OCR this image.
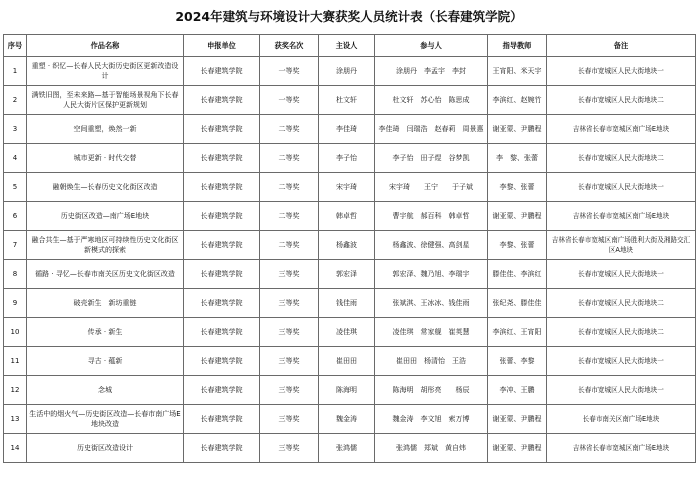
2024年建筑与环境设计大赛获奖人员统计表（长春建筑学院）
序号	作品名称	申报单位	获奖名次	主设人	参与人	指导教师	备注
1	重塑 · 织忆—长春人民大街历史街区更新改造设计	长春建筑学院	一等奖	涂朋丹	涂朋丹　李孟宇　李封	王宵阳、米天宇	长春市宽城区人民大街地块一
2	满铁旧图，至未来路—基于智能场景视角下长春人民大街片区保护更新规划	长春建筑学院	一等奖	杜文轩	杜文轩　苏心怡　陈思成	李滨红、赵婉竹	长春市宽城区人民大街地块二
3	空间重塑，焕然一新	长春建筑学院	二等奖	李佳琦	李佳琦　闫瑞浩　赵春莉　周景惠	谢亚蒙、尹鹏程	吉林省长春市宽城区南广场E地块
4	城市更新 · 时代交替	长春建筑学院	二等奖	李子怡	李子怡　田子煜　谷梦凯	李　黎、张蕾	长春市宽城区人民大街地块二
5	融朝焕生—长春历史文化街区改造	长春建筑学院	二等奖	宋宇琦	宋宇琦　　王宁　　于子斌	李黎、张蕾	长春市宽城区人民大街地块一
6	历史街区改造—南广场E地块	长春建筑学院	二等奖	韩卓哲	曹宇航　郝百科　韩卓哲	谢亚蒙、尹鹏程	吉林省长春市宽城区南广场E地块
7	融合共生—基于严寒地区可持续性历史文化街区新模式的探索	长春建筑学院	二等奖	杨鑫波	杨鑫波、徐健强、高剑星	李黎、张蕾	吉林省长春市宽城区南广场胜利大街及湘路交汇区A地块
8	循路 · 寻忆—长春市南关区历史文化街区改造	长春建筑学院	三等奖	郭宏泽	郭宏泽、魏乃旭、李瑞宇	滕佳佳、李滨红	长春市宽城区人民大街地块一
9	破壳新生　新坊重链	长春建筑学院	三等奖	钱佳雨	张斌淇、王冰冰、钱佳雨	张纪尧、滕佳佳	长春市宽城区人民大街地块二
10	传承 · 新生	长春建筑学院	三等奖	凌佳琪	凌佳琪　常家舰　崔英慧	李滨红、王宵阳	长春市宽城区人民大街地块二
11	寻古 · 蕴新	长春建筑学院	三等奖	崔田田	崔田田　杨清怡　王浩	张蕾、李黎	长春市宽城区人民大街地块一
12	念城	长春建筑学院	三等奖	陈海明	陈海明　胡彤亮　　杨辰	李冲、王鹏	长春市宽城区人民大街地块一
13	生活中的烟火气—历史街区改造—长春市南广场E地块改造	长春建筑学院	三等奖	魏金涛	魏金涛　李文旭　索万博	谢亚蒙、尹鹏程	长春市南关区南广场E地块
14	历史街区改造设计	长春建筑学院	三等奖	张鸿儒	张鸿儒　郑斌　黄自炜	谢亚蒙、尹鹏程	吉林省长春市宽城区南广场E地块
